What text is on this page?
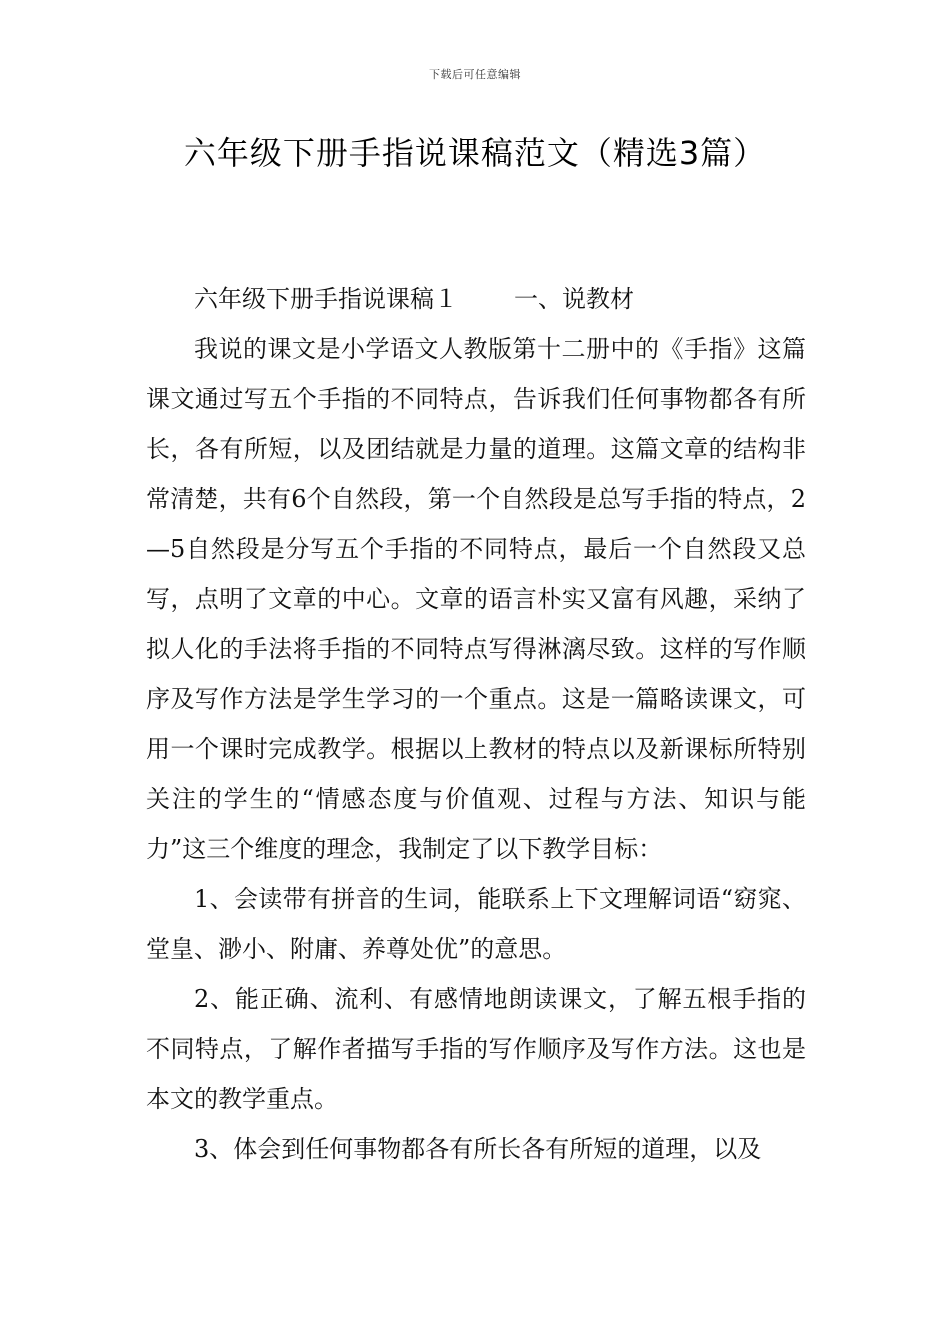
下载后可任意编辑
六年级下册手指说课稿范文（精选3篇）

六年级下册手指说课稿１ 一、说教材

我说的课文是小学语文人教版第十二册中的《手指》这篇课文通过写五个手指的不同特点，告诉我们任何事物都各有所长，各有所短，以及团结就是力量的道理。这篇文章的结构非常清楚，共有6个自然段，第一个自然段是总写手指的特点，2—5自然段是分写五个手指的不同特点，最后一个自然段又总写，点明了文章的中心。文章的语言朴实又富有风趣，采纳了拟人化的手法将手指的不同特点写得淋漓尽致。这样的写作顺序及写作方法是学生学习的一个重点。这是一篇略读课文，可用一个课时完成教学。根据以上教材的特点以及新课标所特别关注的学生的“情感态度与价值观、过程与方法、知识与能力”这三个维度的理念，我制定了以下教学目标：

1、会读带有拼音的生词，能联系上下文理解词语“窈窕、堂皇、渺小、附庸、养尊处优”的意思。

2、能正确、流利、有感情地朗读课文，了解五根手指的不同特点，了解作者描写手指的写作顺序及写作方法。这也是本文的教学重点。

3、体会到任何事物都各有所长各有所短的道理，以及
